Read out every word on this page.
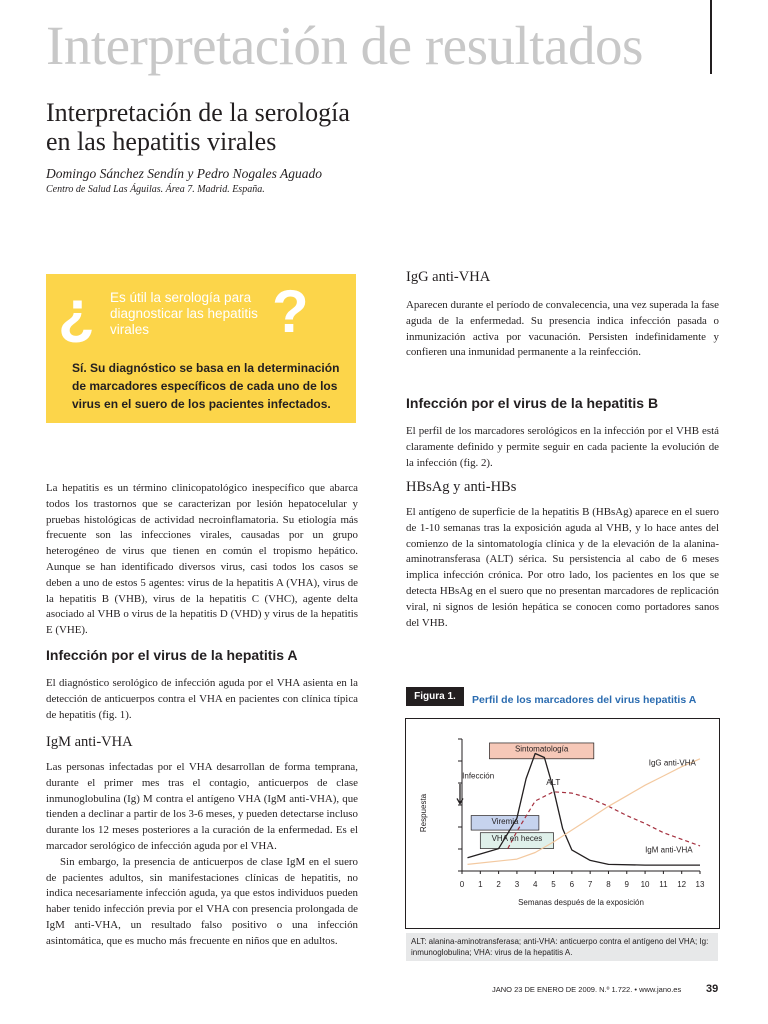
Interpretación de resultados
Interpretación de la serología
en las hepatitis virales
Domingo Sánchez Sendín y Pedro Nogales Aguado
Centro de Salud Las Águilas. Área 7. Madrid. España.
¿	?
Es útil la serología para diagnosticar las hepatitis virales
Sí. Su diagnóstico se basa en la determinación de marcadores específicos de cada uno de los virus en el suero de los pacientes infectados.

La hepatitis es un término clinicopatológico inespecífico que abarca todos los trastornos que se caracterizan por lesión hepatocelular y pruebas histológicas de actividad necroinflamatoria. Su etiología más frecuente son las infecciones virales, causadas por un grupo heterogéneo de virus que tienen en común el tropismo hepático. Aunque se han identificado diversos virus, casi todos los casos se deben a uno de estos 5 agentes: virus de la hepatitis A (VHA), virus de la hepatitis B (VHB), virus de la hepatitis C (VHC), agente delta asociado al VHB o virus de la hepatitis D (VHD) y virus de la hepatitis E (VHE).

Infección por el virus de la hepatitis A

El diagnóstico serológico de infección aguda por el VHA asienta en la detección de anticuerpos contra el VHA en pacientes con clínica típica de hepatitis (fig. 1).

IgM anti-VHA

Las personas infectadas por el VHA desarrollan de forma temprana, durante el primer mes tras el contagio, anticuerpos de clase inmunoglobulina (Ig) M contra el antígeno VHA (IgM anti-VHA), que tienden a declinar a partir de los 3-6 meses, y pueden detectarse incluso durante los 12 meses posteriores a la curación de la enfermedad. Es el marcador serológico de infección aguda por el VHA.

Sin embargo, la presencia de anticuerpos de clase IgM en el suero de pacientes adultos, sin manifestaciones clínicas de hepatitis, no indica necesariamente infección aguda, ya que estos individuos pueden haber tenido infección previa por el VHA con presencia prolongada de IgM anti-VHA, un resultado falso positivo o una infección asintomática, que es mucho más frecuente en niños que en adultos.

IgG anti-VHA

Aparecen durante el período de convalecencia, una vez superada la fase aguda de la enfermedad. Su presencia indica infección pasada o inmunización activa por vacunación. Persisten indefinidamente y confieren una inmunidad permanente a la reinfección.

Infección por el virus de la hepatitis B

El perfil de los marcadores serológicos en la infección por el VHB está claramente definido y permite seguir en cada paciente la evolución de la infección (fig. 2).

HBsAg y anti-HBs

El antígeno de superficie de la hepatitis B (HBsAg) aparece en el suero de 1-10 semanas tras la exposición aguda al VHB, y lo hace antes del comienzo de la sintomatología clínica y de la elevación de la alanina-aminotransferasa (ALT) sérica. Su persistencia al cabo de 6 meses implica infección crónica. Por otro lado, los pacientes en los que se detecta HBsAg en el suero que no presentan marcadores de replicación viral, ni signos de lesión hepática se conocen como portadores sanos del VHB.

Figura 1.	Perfil de los marcadores del virus hepatitis A
0 1 2 3 4 5 6 7 8 9 10 11 12 13
Semanas después de la exposición
Respuesta
Sintomatología
Viremia
VHA en heces
Infección
ALT
IgG anti-VHA
IgM anti-VHA
ALT: alanina-aminotransferasa; anti-VHA: anticuerpo contra el antígeno del VHA; Ig: inmunoglobulina; VHA: virus de la hepatitis A.
JANO 23 DE ENERO DE 2009. N.º 1.722. • www.jano.es 39
